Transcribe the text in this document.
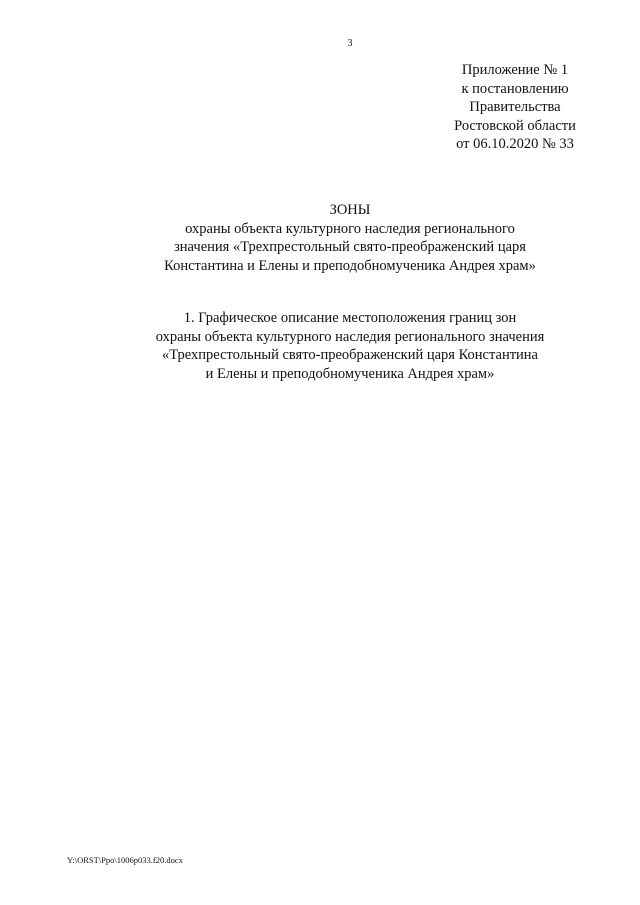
3
Приложение № 1
к постановлению
Правительства
Ростовской области
от 06.10.2020 № 33
ЗОНЫ
охраны объекта культурного наследия регионального
значения «Трехпрестольный свято-преображенский царя
Константина и Елены и преподобномученика Андрея храм»
1. Графическое описание местоположения границ зон
охраны объекта культурного наследия регионального значения
«Трехпрестольный свято-преображенский царя Константина
и Елены и преподобномученика Андрея храм»
Y:\ORST\Ppo\1006p033.f20.docx
